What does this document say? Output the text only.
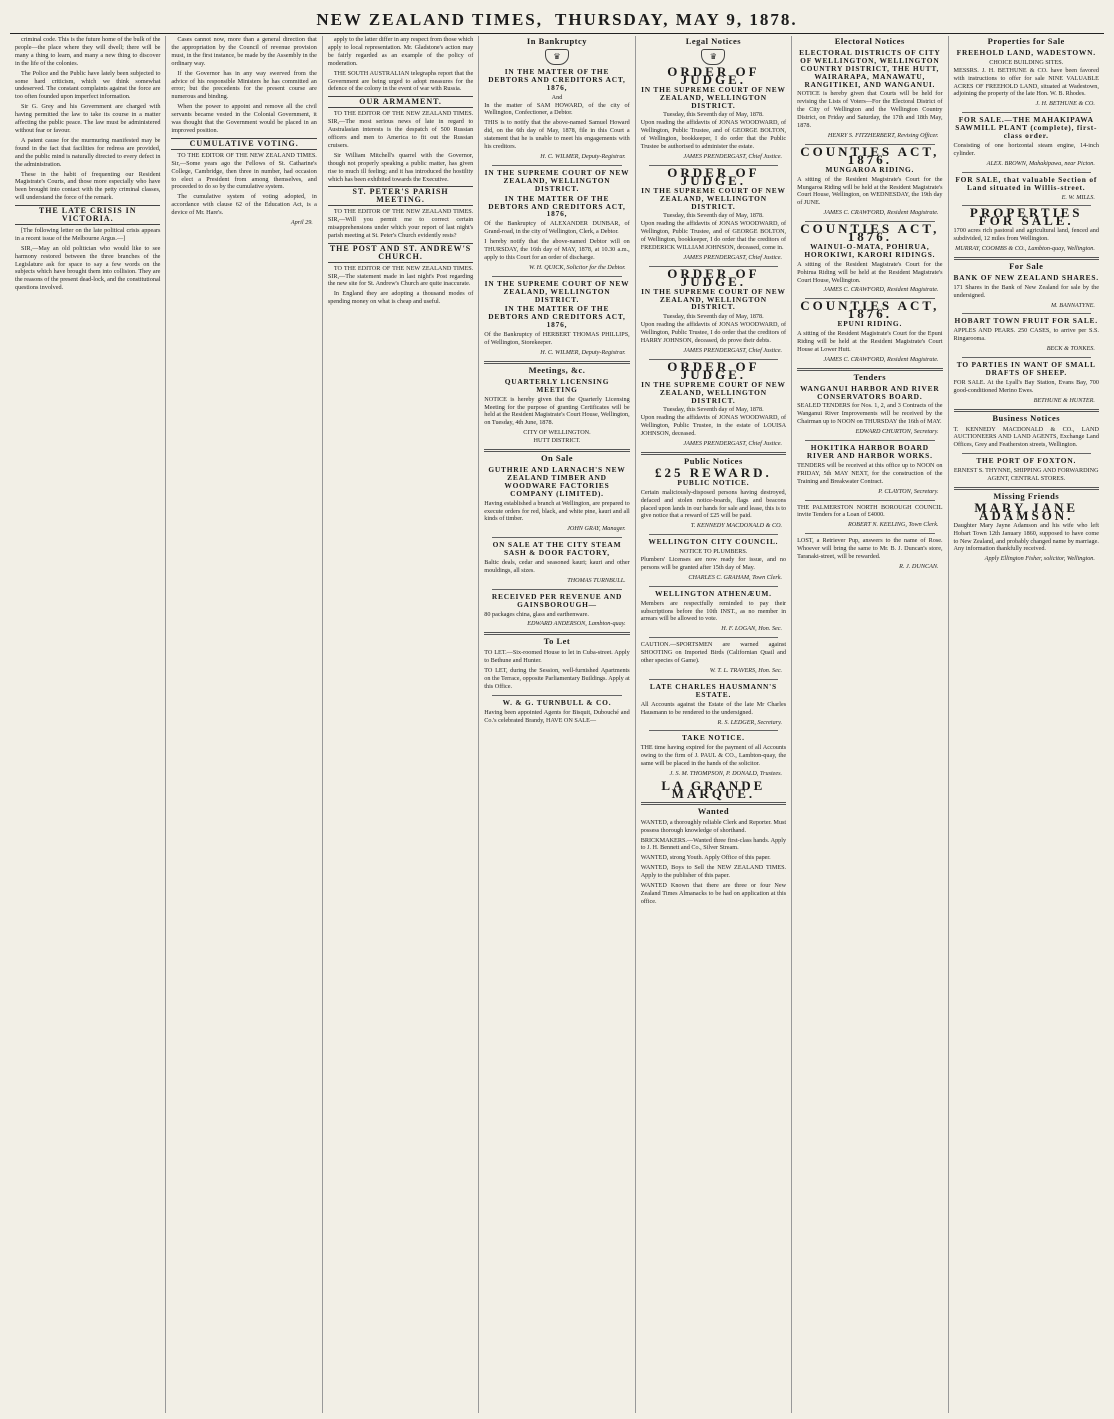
NEW ZEALAND TIMES, THURSDAY, MAY 9, 1878.

criminal code. This is the future home of the bulk of the people—the place where they will dwell; there will be many a thing to learn, and many a new thing to discover in the life of the colonies.

The Police and the Public have lately been subjected to some hard criticism, which we think somewhat undeserved. The constant complaints against the force are too often founded upon imperfect information.

Sir G. Grey and his Government are charged with having permitted the law to take its course in a matter affecting the public peace. The law must be administered without fear or favour.

A patent cause for the murmuring manifested may be found in the fact that facilities for redress are provided, and the public mind is naturally directed to every defect in the administration.

These in the habit of frequenting our Resident Magistrate's Courts, and those more especially who have been brought into contact with the petty criminal classes, will understand the force of the remark.

THE LATE CRISIS IN VICTORIA.

[The following letter on the late political crisis appears in a recent issue of the Melbourne Argus.—]

SIR,—May an old politician who would like to see harmony restored between the three branches of the Legislature ask for space to say a few words on the subjects which have brought them into collision. They are the reasons of the present dead-lock, and the constitutional questions involved.

Cases cannot now, more than a general direction that the appropriation by the Council of revenue provision must, in the first instance, be made by the Assembly in the ordinary way.

If the Governor has in any way swerved from the advice of his responsible Ministers he has committed an error; but the precedents for the present course are numerous and binding.

When the power to appoint and remove all the civil servants became vested in the Colonial Government, it was thought that the Government would be placed in an improved position.

CUMULATIVE VOTING.

TO THE EDITOR OF THE NEW ZEALAND TIMES. Sir,—Some years ago the Fellows of St. Catharine's College, Cambridge, then three in number, had occasion to elect a President from among themselves, and proceeded to do so by the cumulative system.

The cumulative system of voting adopted, in accordance with clause 62 of the Education Act, is a device of Mr. Hare's.

April 29.

apply to the latter differ in any respect from those which apply to local representation. Mr. Gladstone's action may be fairly regarded as an example of the policy of moderation.

THE SOUTH AUSTRALIAN telegraphs report that the Government are being urged to adopt measures for the defence of the colony in the event of war with Russia.

OUR ARMAMENT.

TO THE EDITOR OF THE NEW ZEALAND TIMES. SIR,—The most serious news of late in regard to Australasian interests is the despatch of 500 Russian officers and men to America to fit out the Russian cruisers.

Sir William Mitchell's quarrel with the Governor, though not properly speaking a public matter, has given rise to much ill feeling; and it has introduced the hostility which has been exhibited towards the Executive.

ST. PETER'S PARISH MEETING.

TO THE EDITOR OF THE NEW ZEALAND TIMES. SIR,—Will you permit me to correct certain misapprehensions under which your report of last night's parish meeting at St. Peter's Church evidently rests?

THE POST AND ST. ANDREW'S CHURCH.

TO THE EDITOR OF THE NEW ZEALAND TIMES. SIR,—The statement made in last night's Post regarding the new site for St. Andrew's Church are quite inaccurate.

In England they are adopting a thousand modes of spending money on what is cheap and useful.

In Bankruptcy
♛
IN THE MATTER OF THE DEBTORS AND CREDITORS ACT, 1876,
And

In the matter of SAM HOWARD, of the city of Wellington, Confectioner, a Debtor.

THIS is to notify that the above-named Samuel Howard did, on the 6th day of May, 1878, file in this Court a statement that he is unable to meet his engagements with his creditors.

H. C. WILMER, Deputy-Registrar.
IN THE SUPREME COURT OF NEW ZEALAND, WELLINGTON DISTRICT.
IN THE MATTER OF THE DEBTORS AND CREDITORS ACT, 1876,

Of the Bankruptcy of ALEXANDER DUNBAR, of Grand-road, in the city of Wellington, Clerk, a Debtor.

I hereby notify that the above-named Debtor will on THURSDAY, the 16th day of MAY, 1878, at 10.30 a.m., apply to this Court for an order of discharge.

W. H. QUICK, Solicitor for the Debtor.
IN THE SUPREME COURT OF NEW ZEALAND, WELLINGTON DISTRICT.
IN THE MATTER OF THE DEBTORS AND CREDITORS ACT, 1876,

Of the Bankruptcy of HERBERT THOMAS PHILLIPS, of Wellington, Storekeeper.

H. C. WILMER, Deputy-Registrar.
Meetings, &c.
QUARTERLY LICENSING MEETING

NOTICE is hereby given that the Quarterly Licensing Meeting for the purpose of granting Certificates will be held at the Resident Magistrate's Court House, Wellington, on Tuesday, 4th June, 1878.

CITY OF WELLINGTON.
HUTT DISTRICT.
On Sale
GUTHRIE AND LARNACH'S NEW ZEALAND TIMBER AND WOODWARE FACTORIES COMPANY (LIMITED).

Having established a branch at Wellington, are prepared to execute orders for red, black, and white pine, kauri and all kinds of timber.

JOHN GRAY, Manager.
ON SALE AT THE CITY STEAM SASH & DOOR FACTORY,

Baltic deals, cedar and seasoned kauri; kauri and other mouldings, all sizes.

THOMAS TURNBULL.
RECEIVED PER REVENUE AND GAINSBOROUGH—

80 packages china, glass and earthenware.

EDWARD ANDERSON, Lambton-quay.
To Let

TO LET.—Six-roomed House to let in Cuba-street. Apply to Bethune and Hunter.

TO LET, during the Session, well-furnished Apartments on the Terrace, opposite Parliamentary Buildings. Apply at this Office.

W. & G. TURNBULL & CO.

Having been appointed Agents for Bisquit, Dubouché and Co.'s celebrated Brandy, HAVE ON SALE—

Legal Notices
♛
ORDER OF JUDGE.
IN THE SUPREME COURT OF NEW ZEALAND, WELLINGTON DISTRICT.
Tuesday, this Seventh day of May, 1878.

Upon reading the affidavits of JONAS WOODWARD, of Wellington, Public Trustee, and of GEORGE BOLTON, of Wellington, bookkeeper, I do order that the Public Trustee be authorised to administer the estate.

JAMES PRENDERGAST, Chief Justice.
ORDER OF JUDGE.
IN THE SUPREME COURT OF NEW ZEALAND, WELLINGTON DISTRICT.
Tuesday, this Seventh day of May, 1878.

Upon reading the affidavits of JONAS WOODWARD, of Wellington, Public Trustee, and of GEORGE BOLTON, of Wellington, bookkeeper, I do order that the creditors of FREDERICK WILLIAM JOHNSON, deceased, come in.

JAMES PRENDERGAST, Chief Justice.
ORDER OF JUDGE.
IN THE SUPREME COURT OF NEW ZEALAND, WELLINGTON DISTRICT.
Tuesday, this Seventh day of May, 1878.

Upon reading the affidavits of JONAS WOODWARD, of Wellington, Public Trustee, I do order that the creditors of HARRY JOHNSON, deceased, do prove their debts.

JAMES PRENDERGAST, Chief Justice.
ORDER OF JUDGE.
IN THE SUPREME COURT OF NEW ZEALAND, WELLINGTON DISTRICT.
Tuesday, this Seventh day of May, 1878.

Upon reading the affidavits of JONAS WOODWARD, of Wellington, Public Trustee, in the estate of LOUISA JOHNSON, deceased.

JAMES PRENDERGAST, Chief Justice.
Public Notices
£25 REWARD.
PUBLIC NOTICE.

Certain maliciously-disposed persons having destroyed, defaced and stolen notice-boards, flags and beacons placed upon lands in our hands for sale and lease, this is to give notice that a reward of £25 will be paid.

T. KENNEDY MACDONALD & CO.
WELLINGTON CITY COUNCIL.
NOTICE TO PLUMBERS.

Plumbers' Licenses are now ready for issue, and no persons will be granted after 15th day of May.

CHARLES C. GRAHAM, Town Clerk.
WELLINGTON ATHENÆUM.

Members are respectfully reminded to pay their subscriptions before the 10th INST., as no member in arrears will be allowed to vote.

H. F. LOGAN, Hon. Sec.

CAUTION.—SPORTSMEN are warned against SHOOTING on Imported Birds (Californian Quail and other species of Game).

W. T. L. TRAVERS, Hon. Sec.
LATE CHARLES HAUSMANN'S ESTATE.

All Accounts against the Estate of the late Mr Charles Hausmann to be rendered to the undersigned.

R. S. LEDGER, Secretary.
TAKE NOTICE.

THE time having expired for the payment of all Accounts owing to the firm of J. PAUL & CO., Lambton-quay, the same will be placed in the hands of the solicitor.

J. S. M. THOMPSON, P. DONALD, Trustees.
LA GRANDE MARQUE.
Wanted

WANTED, a thoroughly reliable Clerk and Reporter. Must possess thorough knowledge of shorthand.

BRICKMAKERS.—Wanted three first-class hands. Apply to J. H. Bennett and Co., Silver Stream.

WANTED, strong Youth. Apply Office of this paper.

WANTED, Boys to Sell the NEW ZEALAND TIMES. Apply to the publisher of this paper.

WANTED Known that there are three or four New Zealand Times Almanacks to be had on application at this office.

Electoral Notices
ELECTORAL DISTRICTS OF CITY OF WELLINGTON, WELLINGTON COUNTRY DISTRICT, THE HUTT, WAIRARAPA, MANAWATU, RANGITIKEI, AND WANGANUI.

NOTICE is hereby given that Courts will be held for revising the Lists of Voters—For the Electoral District of the City of Wellington and the Wellington Country District, on Friday and Saturday, the 17th and 18th May, 1878.

HENRY S. FITZHERBERT, Revising Officer.
COUNTIES ACT, 1876.
MUNGAROA RIDING.

A sitting of the Resident Magistrate's Court for the Mungaroa Riding will be held at the Resident Magistrate's Court House, Wellington, on WEDNESDAY, the 19th day of JUNE.

JAMES C. CRAWFORD, Resident Magistrate.
COUNTIES ACT, 1876.
WAINUI-O-MATA, POHIRUA, HOROKIWI, KARORI RIDINGS.

A sitting of the Resident Magistrate's Court for the Pohirua Riding will be held at the Resident Magistrate's Court House, Wellington.

JAMES C. CRAWFORD, Resident Magistrate.
COUNTIES ACT, 1876.
EPUNI RIDING.

A sitting of the Resident Magistrate's Court for the Epuni Riding will be held at the Resident Magistrate's Court House at Lower Hutt.

JAMES C. CRAWFORD, Resident Magistrate.
Tenders
WANGANUI HARBOR AND RIVER CONSERVATORS BOARD.

SEALED TENDERS for Nos. 1, 2, and 3 Contracts of the Wanganui River Improvements will be received by the Chairman up to NOON on THURSDAY the 16th of MAY.

EDWARD CHURTON, Secretary.
HOKITIKA HARBOR BOARD RIVER AND HARBOR WORKS.

TENDERS will be received at this office up to NOON on FRIDAY, 5th MAY NEXT, for the construction of the Training and Breakwater Contract.

P. CLAYTON, Secretary.

THE PALMERSTON NORTH BOROUGH COUNCIL invite Tenders for a Loan of £4000.

ROBERT N. KEELING, Town Clerk.

LOST, a Retriever Pup, answers to the name of Rose. Whoever will bring the same to Mr. B. J. Duncan's store, Taranaki-street, will be rewarded.

R. J. DUNCAN.
Properties for Sale
FREEHOLD LAND, WADESTOWN.
CHOICE BUILDING SITES.

MESSRS. J. H. BETHUNE & CO. have been favored with instructions to offer for sale NINE VALUABLE ACRES OF FREEHOLD LAND, situated at Wadestown, adjoining the property of the late Hon. W. B. Rhodes.

J. H. BETHUNE & CO.
FOR SALE.—THE MAHAKIPAWA SAWMILL PLANT (complete), first-class order.

Consisting of one horizontal steam engine, 14-inch cylinder.

ALEX. BROWN, Mahakipawa, near Picton.
FOR SALE, that valuable Section of Land situated in Willis-street.
E. W. MILLS.
PROPERTIES FOR SALE.

1700 acres rich pastoral and agricultural land, fenced and subdivided, 12 miles from Wellington.

MURRAY, COOMBS & CO., Lambton-quay, Wellington.
For Sale
BANK OF NEW ZEALAND SHARES.

171 Shares in the Bank of New Zealand for sale by the undersigned.

M. BANNATYNE.
HOBART TOWN FRUIT FOR SALE.

APPLES AND PEARS. 250 CASES, to arrive per S.S. Ringarooma.

BECK & TONKES.
TO PARTIES IN WANT OF SMALL DRAFTS OF SHEEP.

FOR SALE. At the Lyall's Bay Station, Evans Bay, 700 good-conditioned Merino Ewes.

BETHUNE & HUNTER.
Business Notices

T. KENNEDY MACDONALD & CO., LAND AUCTIONEERS AND LAND AGENTS, Exchange Land Offices, Grey and Featherston streets, Wellington.

THE PORT OF FOXTON.
ERNEST S. THYNNE, SHIPPING AND FORWARDING AGENT, CENTRAL STORES.
Missing Friends
MARY JANE ADAMSON.

Daughter Mary Jayne Adamson and his wife who left Hobart Town 12th January 1860, supposed to have come to New Zealand, and probably changed name by marriage. Any information thankfully received.

Apply Ellington Fisher, solicitor, Wellington.
